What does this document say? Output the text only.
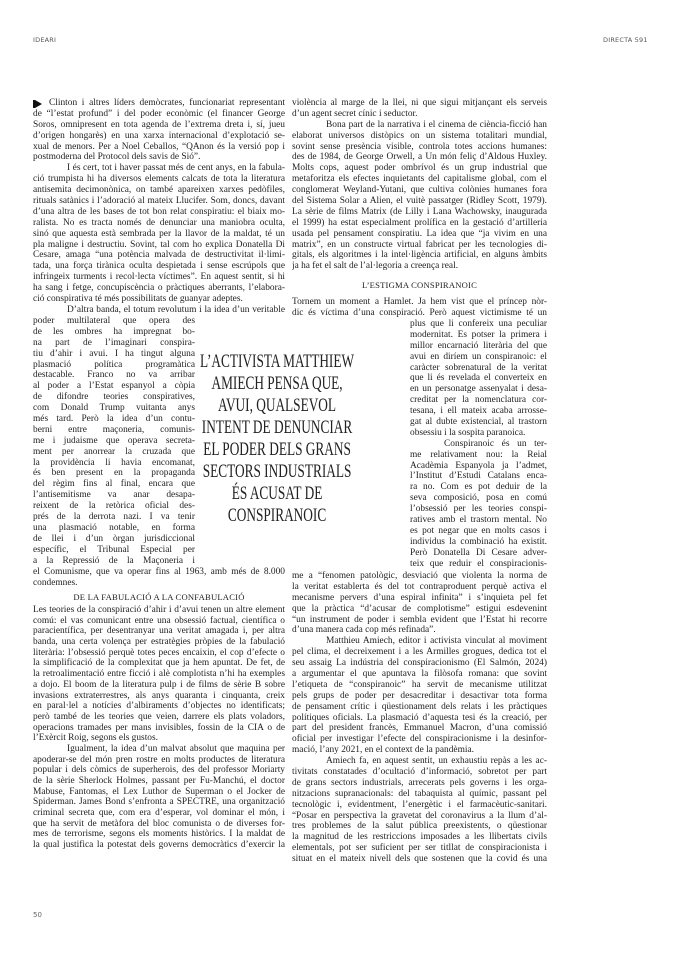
IDEARI	DIRECTA 591
Clinton i altres líders demòcrates, funcionariat representant
de “l’estat profund” i del poder econòmic (el financer George
Soros, omnipresent en tota agenda de l’extrema dreta i, sí, jueu
d’origen hongarès) en una xarxa internacional d’explotació se-
xual de menors. Per a Noel Ceballos, “QAnon és la versió pop i
postmoderna del Protocol dels savis de Sió”.
I és cert, tot i haver passat més de cent anys, en la fabula-
ció trumpista hi ha diversos elements calcats de tota la literatura
antisemita decimonònica, on també apareixen xarxes pedòfiles,
rituals satànics i l’adoració al mateix Llucifer. Som, doncs, davant
d’una altra de les bases de tot bon relat conspiratiu: el biaix mo-
ralista. No es tracta només de denunciar una maniobra oculta,
sinó que aquesta està sembrada per la llavor de la maldat, té un
pla maligne i destructiu. Sovint, tal com ho explica Donatella Di
Cesare, amaga “una potència malvada de destructivitat il·limi-
tada, una força tirànica oculta despietada i sense escrúpols que
infringeix turments i recol·lecta víctimes”. En aquest sentit, si hi
ha sang i fetge, concupiscència o pràctiques aberrants, l’elabora-
ció conspirativa té més possibilitats de guanyar adeptes.
D’altra banda, el totum revolutum i la idea d’un veritable
poder multilateral que opera des
de les ombres ha impregnat bo-
na part de l’imaginari conspira-
tiu d’ahir i avui. I ha tingut alguna
plasmació política programàtica
destacable. Franco no va arribar
al poder a l’Estat espanyol a còpia
de difondre teories conspiratives,
com Donald Trump vuitanta anys
més tard. Però la idea d’un contu-
berni entre maçoneria, comunis-
me i judaisme que operava secreta-
ment per anorrear la cruzada que
la providència li havia encomanat,
és ben present en la propaganda
del règim fins al final, encara que
l’antisemitisme va anar desapa-
reixent de la retòrica oficial des-
prés de la derrota nazi. I va tenir
una plasmació notable, en forma
de llei i d’un òrgan jurisdiccional
específic, el Tribunal Especial per
a la Repressió de la Maçoneria i
el Comunisme, que va operar fins al 1963, amb més de 8.000
condemnes.
DE LA FABULACIÓ A LA CONFABULACIÓ
Les teories de la conspiració d’ahir i d’avui tenen un altre element
comú: el vas comunicant entre una obsessió factual, científica o
paracientífica, per desentranyar una veritat amagada i, per altra
banda, una certa volença per estratègies pròpies de la fabulació
literària: l’obsessió perquè totes peces encaixin, el cop d’efecte o
la simplificació de la complexitat que ja hem apuntat. De fet, de
la retroalimentació entre ficció i alè complotista n’hi ha exemples
a dojo. El boom de la literatura pulp i de films de sèrie B sobre
invasions extraterrestres, als anys quaranta i cinquanta, creix
en paral·lel a notícies d’albiraments d’objectes no identificats;
però també de les teories que veien, darrere els plats voladors,
operacions tramades per mans invisibles, fossin de la CIA o de
l’Exèrcit Roig, segons els gustos.
Igualment, la idea d’un malvat absolut que maquina per
apoderar-se del món pren rostre en molts productes de literatura
popular i dels còmics de superherois, des del professor Moriarty
de la sèrie Sherlock Holmes, passant per Fu-Manchú, el doctor
Mabuse, Fantomas, el Lex Luthor de Superman o el Jocker de
Spiderman. James Bond s’enfronta a SPECTRE, una organització
criminal secreta que, com era d’esperar, vol dominar el món, i
que ha servit de metàfora del bloc comunista o de diverses for-
mes de terrorisme, segons els moments històrics. I la maldat de
la qual justifica la potestat dels governs democràtics d’exercir la
violència al marge de la llei, ni que sigui mitjançant els serveis
d’un agent secret cínic i seductor.
Bona part de la narrativa i el cinema de ciència-ficció han
elaborat universos distòpics on un sistema totalitari mundial,
sovint sense presència visible, controla totes accions humanes:
des de 1984, de George Orwell, a Un món feliç d’Aldous Huxley.
Molts cops, aquest poder ombrívol és un grup industrial que
metaforitza els efectes inquietants del capitalisme global, com el
conglomerat Weyland-Yutani, que cultiva colònies humanes fora
del Sistema Solar a Alien, el vuitè passatger (Ridley Scott, 1979).
La sèrie de films Matrix (de Lilly i Lana Wachowsky, inaugurada
el 1999) ha estat especialment prolífica en la gestació d’artilleria
usada pel pensament conspiratiu. La idea que “ja vivim en una
matrix”, en un constructe virtual fabricat per les tecnologies di-
gitals, els algoritmes i la intel·ligència artificial, en alguns àmbits
ja ha fet el salt de l’al·legoria a creença real.
L’ESTIGMA CONSPIRANOIC
Tornem un moment a Hamlet. Ja hem vist que el príncep nòr-
dic és víctima d’una conspiració. Però aquest victimisme té un
plus que li confereix una peculiar
modernitat. És potser la primera i
millor encarnació literària del que
avui en diríem un conspiranoic: el
caràcter sobrenatural de la veritat
que li és revelada el converteix en
en un personatge assenyalat i desa-
creditat per la nomenclatura cor-
tesana, i ell mateix acaba arrosse-
gat al dubte existencial, al trastorn
obsessiu i la sospita paranoica.
Conspiranoic és un ter-
me relativament nou: la Reial
Acadèmia Espanyola ja l’admet,
l’Institut d’Estudi Catalans enca-
ra no. Com es pot deduir de la
seva composició, posa en comú
l’obsessió per les teories conspi-
ratives amb el trastorn mental. No
es pot negar que en molts casos i
individus la combinació ha existit.
Però Donatella Di Cesare adver-
teix que reduir el conspiracionis-
me a “fenomen patològic, desviació que violenta la norma de
la veritat establerta és del tot contraproduent perquè activa el
mecanisme pervers d’una espiral infinita” i s’inquieta pel fet
que la pràctica “d’acusar de complotisme” estigui esdevenint
“un instrument de poder i sembla evident que l’Estat hi recorre
d’una manera cada cop més refinada”.
Matthieu Amiech, editor i activista vinculat al moviment
pel clima, el decreixement i a les Armilles grogues, dedica tot el
seu assaig La indústria del conspiracionismo (El Salmón, 2024)
a argumentar el que apuntava la filòsofa romana: que sovint
l’etiqueta de “conspiranoic” ha servit de mecanisme utilitzat
pels grups de poder per desacreditar i desactivar tota forma
de pensament crític i qüestionament dels relats i les pràctiques
polítiques oficials. La plasmació d’aquesta tesi és la creació, per
part del president francès, Emmanuel Macron, d’una comissió
oficial per investigar l’efecte del conspiracionisme i la desinfor-
mació, l’any 2021, en el context de la pandèmia.
Amiech fa, en aquest sentit, un exhaustiu repàs a les ac-
tivitats constatades d’ocultació d’informació, sobretot per part
de grans sectors industrials, arrecerats pels governs i les orga-
nitzacions supranacionals: del tabaquista al químic, passant pel
tecnològic i, evidentment, l’energètic i el farmacèutic-sanitari.
“Posar en perspectiva la gravetat del coronavirus a la llum d’al-
tres problemes de la salut pública preexistents, o qüestionar
la magnitud de les restriccions imposades a les llibertats civils
elementals, pot ser suficient per ser titllat de conspiracionista i
situat en el mateix nivell dels que sostenen que la covid és una
L’ACTIVISTA MATTHIEW
AMIECH PENSA QUE,
AVUI, QUALSEVOL
INTENT DE DENUNCIAR
EL PODER DELS GRANS
SECTORS INDUSTRIALS
ÉS ACUSAT DE
CONSPIRANOIC
50
